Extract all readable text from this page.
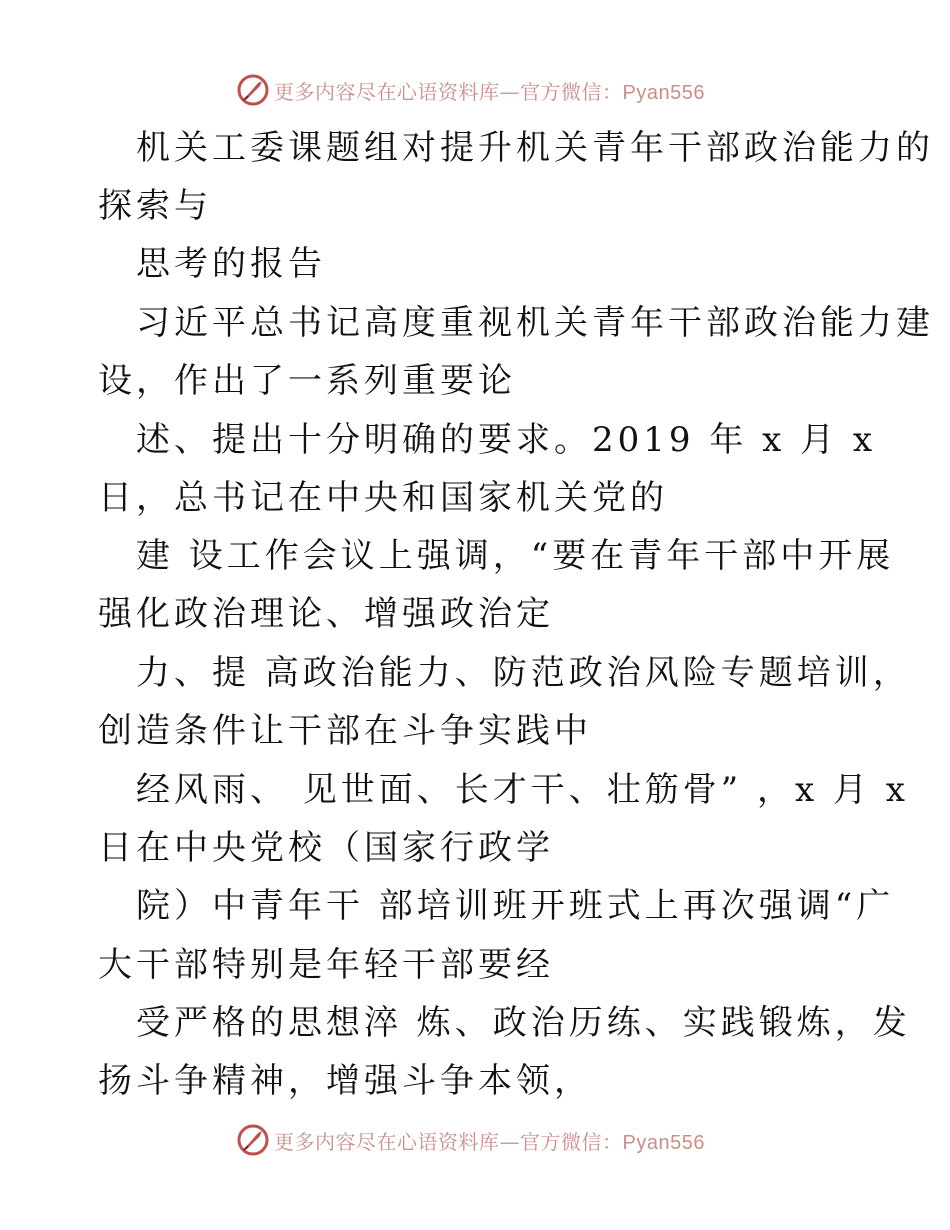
更多内容尽在心语资料库—官方微信：Pyan556
机关工委课题组对提升机关青年干部政治能力的
探索与
思考的报告
习近平总书记高度重视机关青年干部政治能力建
设，作出了一系列重要论
述、提出十分明确的要求。2019 年 x 月 x
日，总书记在中央和国家机关党的
建 设工作会议上强调，“要在青年干部中开展
强化政治理论、增强政治定
力、提 高政治能力、防范政治风险专题培训，
创造条件让干部在斗争实践中
经风雨、 见世面、长才干、壮筋骨” ，x 月 x
日在中央党校（国家行政学
院）中青年干 部培训班开班式上再次强调“广
大干部特别是年轻干部要经
受严格的思想淬 炼、政治历练、实践锻炼，发
扬斗争精神，增强斗争本领，
更多内容尽在心语资料库—官方微信：Pyan556
